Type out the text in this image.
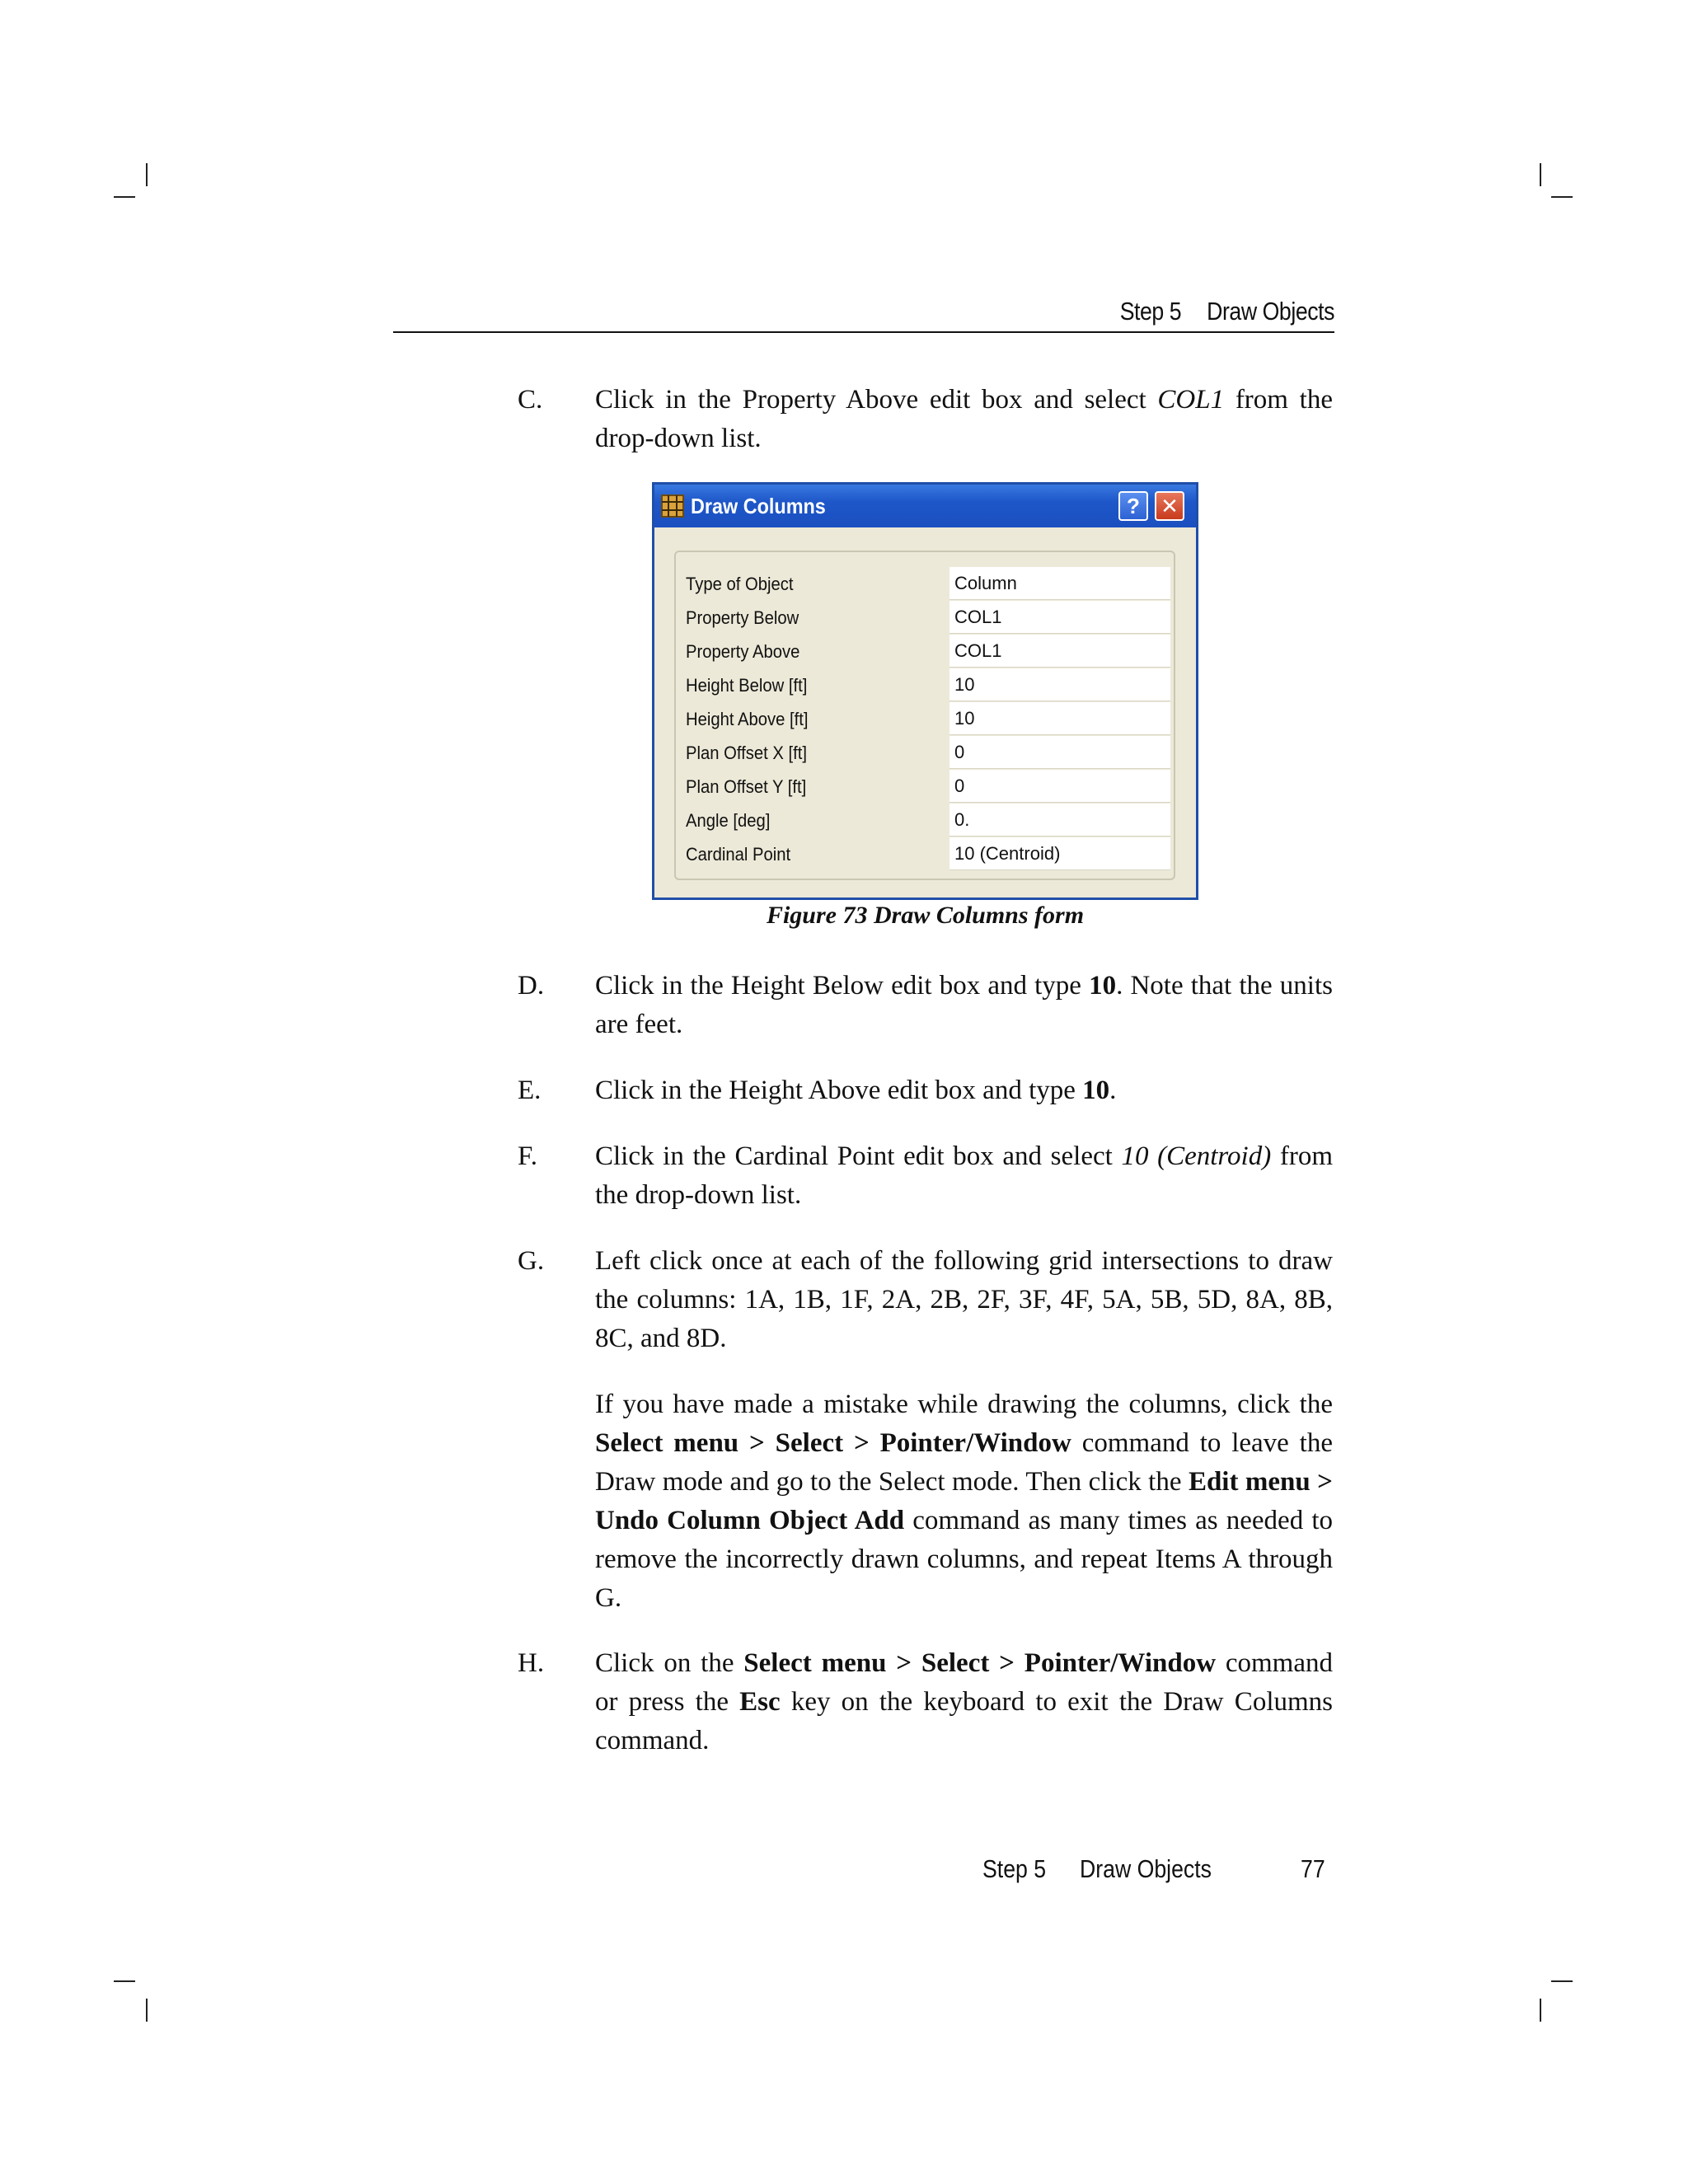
Step 5 Draw Objects
C. Click in the Property Above edit box and select COL1 from the drop-down list.
Draw Columns	? ✕
Type of Object	Column
Property Below	COL1
Property Above	COL1
Height Below [ft]	10
Height Above [ft]	10
Plan Offset X [ft]	0
Plan Offset Y [ft]	0
Angle [deg]	0.
Cardinal Point	10 (Centroid)
Figure 73 Draw Columns form
D. Click in the Height Below edit box and type 10. Note that the units are feet.
E. Click in the Height Above edit box and type 10.
F. Click in the Cardinal Point edit box and select 10 (Centroid) from the drop-down list.
G. Left click once at each of the following grid intersections to draw the columns: 1A, 1B, 1F, 2A, 2B, 2F, 3F, 4F, 5A, 5B, 5D, 8A, 8B, 8C, and 8D.
If you have made a mistake while drawing the columns, click the Select menu > Select > Pointer/Window command to leave the Draw mode and go to the Select mode. Then click the Edit menu > Undo Column Object Add command as many times as needed to remove the incorrectly drawn columns, and repeat Items A through G.
H. Click on the Select menu > Select > Pointer/Window command or press the Esc key on the keyboard to exit the Draw Columns command.
Step 5 Draw Objects	77
